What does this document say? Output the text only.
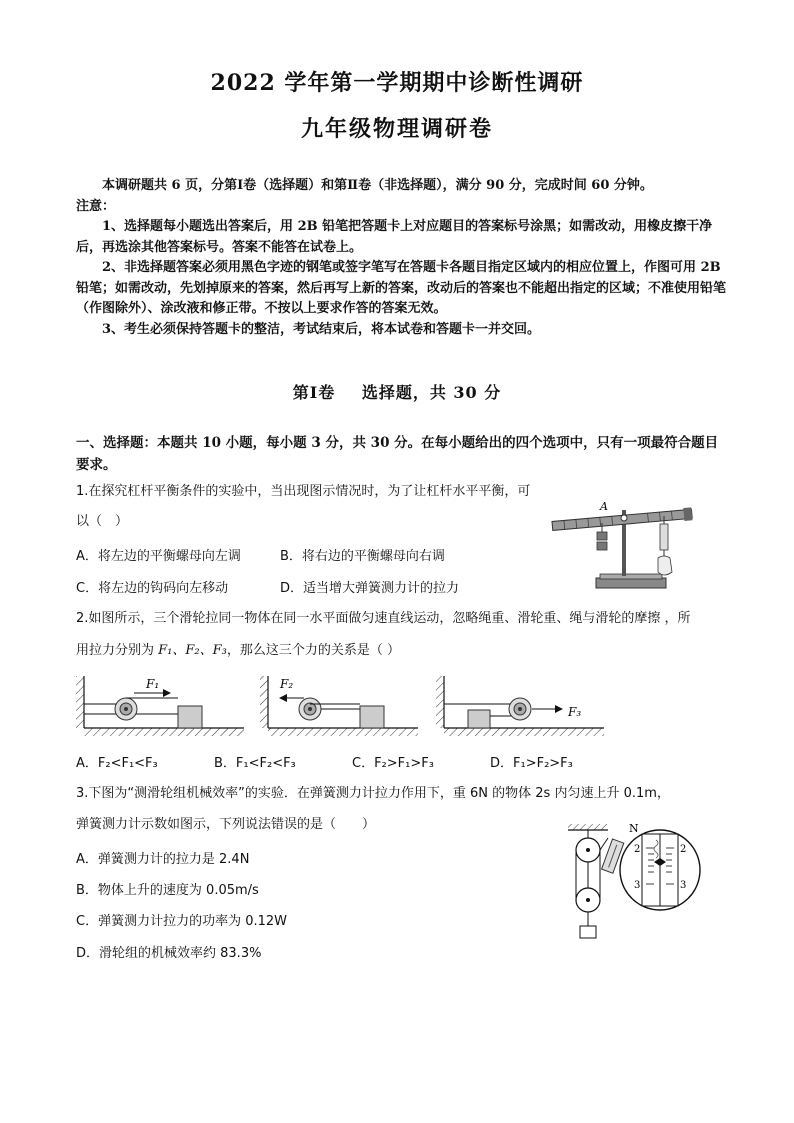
2022 学年第一学期期中诊断性调研
九年级物理调研卷

本调研题共 6 页，分第Ⅰ卷（选择题）和第Ⅱ卷（非选择题），满分 90 分，完成时间 60 分钟。

注意：

1、选择题每小题选出答案后，用 2B 铅笔把答题卡上对应题目的答案标号涂黑；如需改动，用橡皮擦干净后，再选涂其他答案标号。答案不能答在试卷上。

2、非选择题答案必须用黑色字迹的钢笔或签字笔写在答题卡各题目指定区域内的相应位置上，作图可用 2B 铅笔；如需改动，先划掉原来的答案，然后再写上新的答案，改动后的答案也不能超出指定的区域；不准使用铅笔（作图除外）、涂改液和修正带。不按以上要求作答的答案无效。

3、考生必须保持答题卡的整洁，考试结束后，将本试卷和答题卡一并交回。

第Ⅰ卷 选择题，共 30 分
一、选择题：本题共 10 小题，每小题 3 分，共 30 分。在每小题给出的四个选项中，只有一项最符合题目要求。
1.在探究杠杆平衡条件的实验中，当出现图示情况时，为了让杠杆水平平衡，可
以（　）
A．将左边的平衡螺母向左调	B．将右边的平衡螺母向右调
C．将左边的钩码向左移动	D．适当增大弹簧测力计的拉力
A
2.如图所示，三个滑轮拉同一物体在同一水平面做匀速直线运动，忽略绳重、滑轮重、绳与滑轮的摩擦 ，所
用拉力分别为 F₁、F₂、F₃，那么这三个力的关系是（ ）
F₁	F₂
F₃
A．F₂<F₁<F₃	B．F₁<F₂<F₃	C．F₂>F₁>F₃	D．F₁>F₂>F₃
3.下图为“测滑轮组机械效率”的实验．在弹簧测力计拉力作用下，重 6N 的物体 2s 内匀速上升 0.1m，
弹簧测力计示数如图示，下列说法错误的是（　　）
A．弹簧测力计的拉力是 2.4N
B．物体上升的速度为 0.05m/s
C．弹簧测力计拉力的功率为 0.12W
D．滑轮组的机械效率约 83.3%
N
2	2
3	3
